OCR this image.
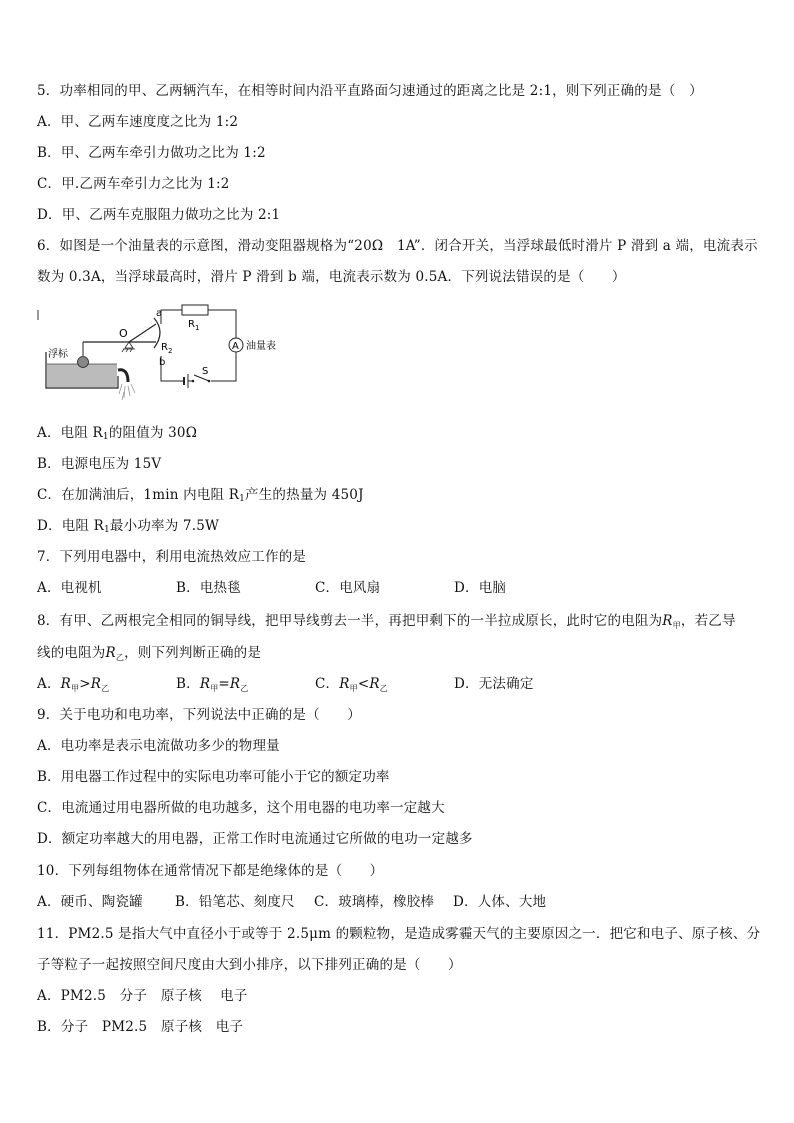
5．功率相同的甲、乙两辆汽车，在相等时间内沿平直路面匀速通过的距离之比是 2:1，则下列正确的是（　）
A．甲、乙两车速度度之比为 1:2
B．甲、乙两车牵引力做功之比为 1:2
C．甲.乙两车牵引力之比为 1:2
D．甲、乙两车克服阻力做功之比为 2:1
6．如图是一个油量表的示意图，滑动变阻器规格为“20Ω　1A”．闭合开关，当浮球最低时滑片 P 滑到 a 端，电流表示
数为 0.3A，当浮球最高时，滑片 P 滑到 b 端，电流表示数为 0.5A．下列说法错误的是（　　）
浮标
O
a
$R_2$
b
$R_1$
A 油量表
S
A．电阻 $R_1$的阻值为 30Ω
B．电源电压为 15V
C．在加满油后，1min 内电阻 $R_1$产生的热量为 450J
D．电阻 $R_1$最小功率为 7.5W
7．下列用电器中，利用电流热效应工作的是
A．电视机	B．电热毯	C．电风扇	D．电脑
8．有甲、乙两根完全相同的铜导线，把甲导线剪去一半，再把甲剩下的一半拉成原长，此时它的电阻为$R_甲$，若乙导
线的电阻为$R_乙$，则下列判断正确的是
A．$R_甲>R_乙$	B．$R_甲=R_乙$	C．$R_甲<R_乙$	D．无法确定
9．关于电功和电功率，下列说法中正确的是（　　）
A．电功率是表示电流做功多少的物理量
B．用电器工作过程中的实际电功率可能小于它的额定功率
C．电流通过用电器所做的电功越多，这个用电器的电功率一定越大
D．额定功率越大的用电器，正常工作时电流通过它所做的电功一定越多
10．下列每组物体在通常情况下都是绝缘体的是（　　）
A．硬币、陶瓷罐 B．铅笔芯、刻度尺 C．玻璃棒，橡胶棒 D．人体、大地
11．PM2.5 是指大气中直径小于或等于 2.5μm 的颗粒物，是造成雾霾天气的主要原因之一．把它和电子、原子核、分
子等粒子一起按照空间尺度由大到小排序，以下排列正确的是（　　）
A．PM2.5　分子　原子核　 电子
B．分子　PM2.5　原子核　电子
